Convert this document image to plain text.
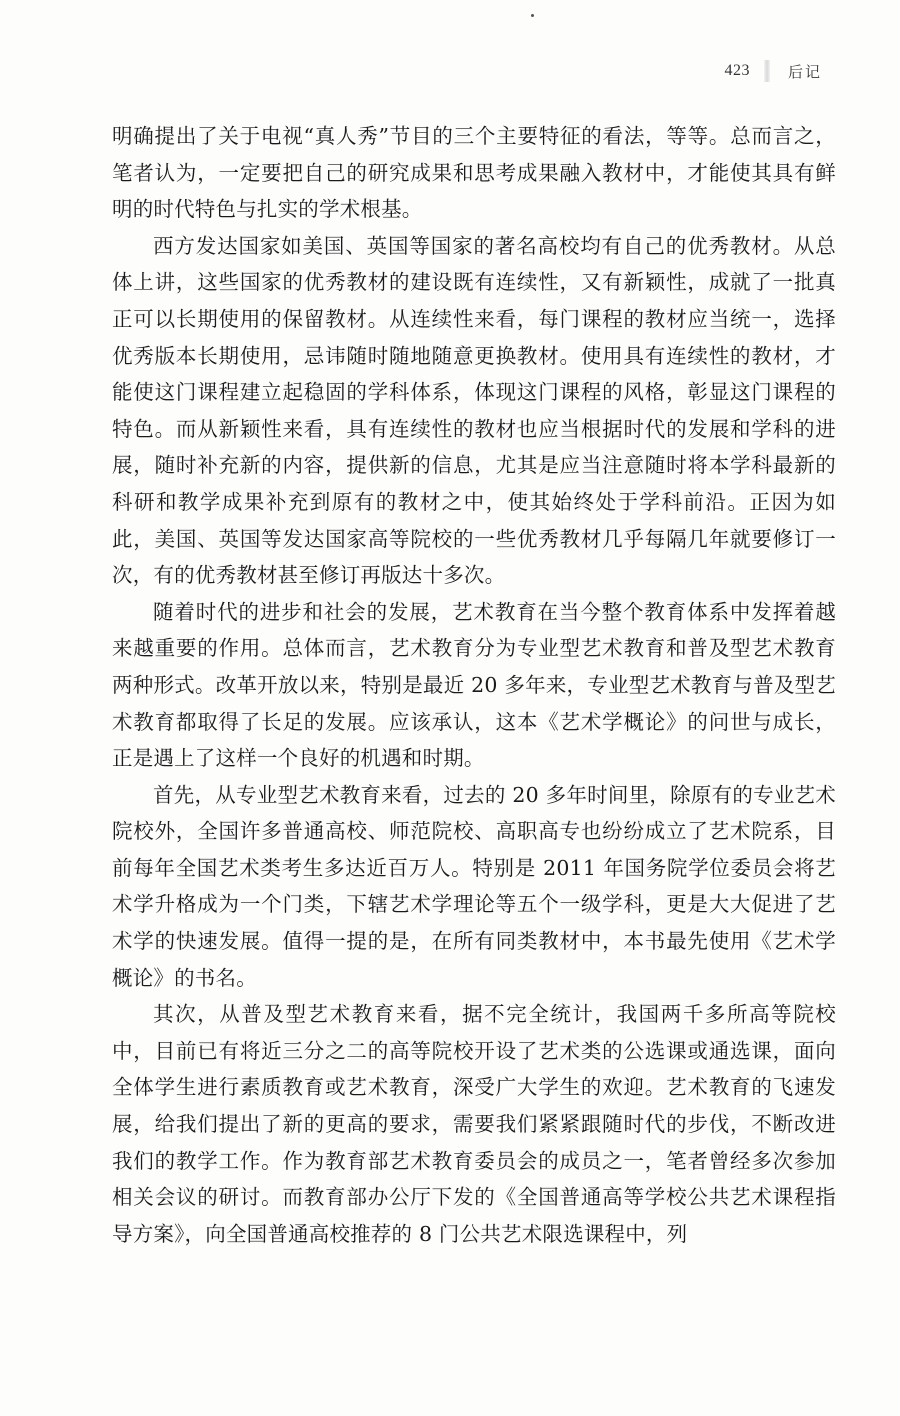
423	后记

明确提出了关于电视“真人秀”节目的三个主要特征的看法，等等。总而言之，笔者认为，一定要把自己的研究成果和思考成果融入教材中，才能使其具有鲜明的时代特色与扎实的学术根基。

西方发达国家如美国、英国等国家的著名高校均有自己的优秀教材。从总体上讲，这些国家的优秀教材的建设既有连续性，又有新颖性，成就了一批真正可以长期使用的保留教材。从连续性来看，每门课程的教材应当统一，选择优秀版本长期使用，忌讳随时随地随意更换教材。使用具有连续性的教材，才能使这门课程建立起稳固的学科体系，体现这门课程的风格，彰显这门课程的特色。而从新颖性来看，具有连续性的教材也应当根据时代的发展和学科的进展，随时补充新的内容，提供新的信息，尤其是应当注意随时将本学科最新的科研和教学成果补充到原有的教材之中，使其始终处于学科前沿。正因为如此，美国、英国等发达国家高等院校的一些优秀教材几乎每隔几年就要修订一次，有的优秀教材甚至修订再版达十多次。

随着时代的进步和社会的发展，艺术教育在当今整个教育体系中发挥着越来越重要的作用。总体而言，艺术教育分为专业型艺术教育和普及型艺术教育两种形式。改革开放以来，特别是最近 20 多年来，专业型艺术教育与普及型艺术教育都取得了长足的发展。应该承认，这本《艺术学概论》的问世与成长，正是遇上了这样一个良好的机遇和时期。

首先，从专业型艺术教育来看，过去的 20 多年时间里，除原有的专业艺术院校外，全国许多普通高校、师范院校、高职高专也纷纷成立了艺术院系，目前每年全国艺术类考生多达近百万人。特别是 2011 年国务院学位委员会将艺术学升格成为一个门类，下辖艺术学理论等五个一级学科，更是大大促进了艺术学的快速发展。值得一提的是，在所有同类教材中，本书最先使用《艺术学概论》的书名。

其次，从普及型艺术教育来看，据不完全统计，我国两千多所高等院校中，目前已有将近三分之二的高等院校开设了艺术类的公选课或通选课，面向全体学生进行素质教育或艺术教育，深受广大学生的欢迎。艺术教育的飞速发展，给我们提出了新的更高的要求，需要我们紧紧跟随时代的步伐，不断改进我们的教学工作。作为教育部艺术教育委员会的成员之一，笔者曾经多次参加相关会议的研讨。而教育部办公厅下发的《全国普通高等学校公共艺术课程指导方案》，向全国普通高校推荐的 8 门公共艺术限选课程中，列
